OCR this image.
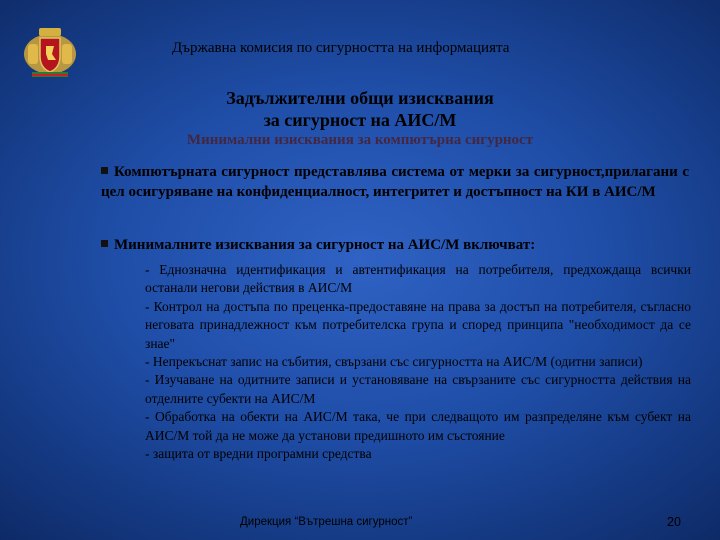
Държавна комисия по сигурността на информацията
Задължителни общи изисквания
за сигурност на АИС/М
Минимални изисквания за компютърна сигурност
Компютърната сигурност представлява система от мерки за сигурност,прилагани с цел осигуряване на конфиденциалност, интегритет и достъпност на КИ в АИС/М
Минималните изисквания за сигурност на АИС/М включват:
- Еднозначна идентификация и автентификация на потребителя, предхождаща всички останали негови действия в АИС/М
- Контрол на достъпа по преценка-предоставяне на права за достъп на потребителя, съгласно неговата принадлежност към потребителска група и според принципа "необходимост да се знае"
- Непрекъснат запис на събития, свързани със сигурността на АИС/М (одитни записи)
- Изучаване на одитните записи и установяване на свързаните със сигурността действия на отделните субекти на АИС/М
- Обработка на обекти на АИС/М така, че при следващото им разпределяне към субект на АИС/М той да не може да установи предишното им състояние
- защита от вредни програмни средства
Дирекция “Вътрешна сигурност”	20
